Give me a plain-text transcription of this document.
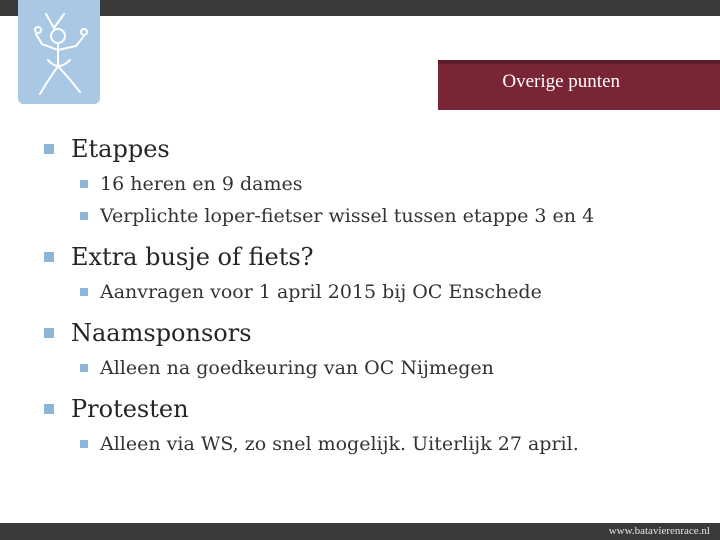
Overige punten
Etappes
16 heren en 9 dames
Verplichte loper-fietser wissel tussen etappe 3 en 4
Extra busje of fiets?
Aanvragen voor 1 april 2015 bij OC Enschede
Naamsponsors
Alleen na goedkeuring van OC Nijmegen
Protesten
Alleen via WS, zo snel mogelijk. Uiterlijk 27 april.
www.batavierenrace.nl
